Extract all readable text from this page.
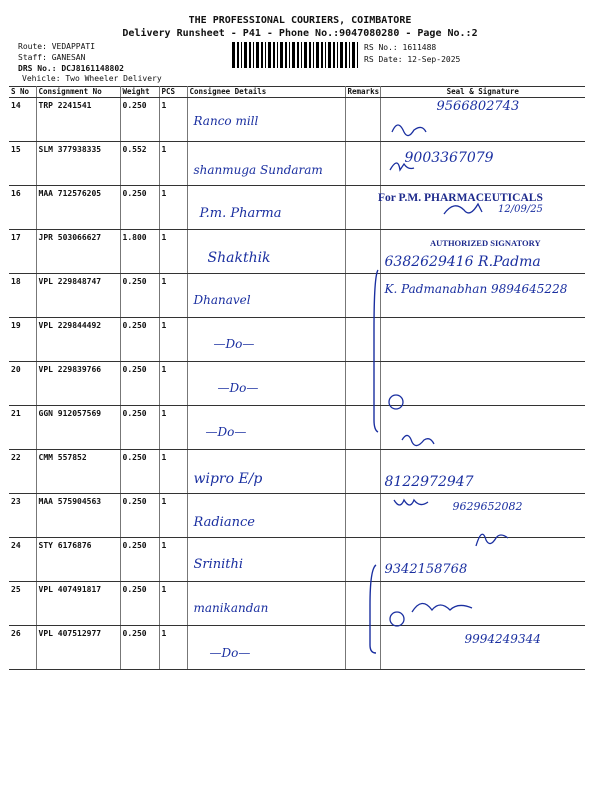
THE PROFESSIONAL COURIERS, COIMBATORE
Delivery Runsheet - P41 - Phone No.:9047080280 - Page No.:2
Route: VEDAPPATI
Staff: GANESAN
DRS No.: DCJ8161148802
Vehicle: Two Wheeler Delivery
RS No.: 1611488
RS Date: 12-Sep-2025
S No	Consignment No	Weight	PCS	Consignee Details	Remarks	Seal & Signature
14	TRP 2241541	0.250	1	Ranco mill		9566802743

15	SLM 377938335	0.552	1	shanmuga Sundaram		9003367079

16	MAA 712576205	0.250	1	P.m. Pharma		

17	JPR 503066627	1.800	1	Shakthik		6382629416 R.Padma

18	VPL 229848747	0.250	1	Dhanavel		K. Padmanabhan 9894645228

19	VPL 229844492	0.250	1	—Do—		

20	VPL 229839766	0.250	1	—Do—		

21	GGN 912057569	0.250	1	—Do—		

22	CMM 557852	0.250	1	wipro E/p		8122972947

23	MAA 575904563	0.250	1	Radiance		9629652082

24	STY 6176876	0.250	1	Srinithi		9342158768

25	VPL 407491817	0.250	1	manikandan		

26	VPL 407512977	0.250	1	—Do—		9994249344
For P.M. PHARMACEUTICALS
12/09/25
AUTHORIZED SIGNATORY
